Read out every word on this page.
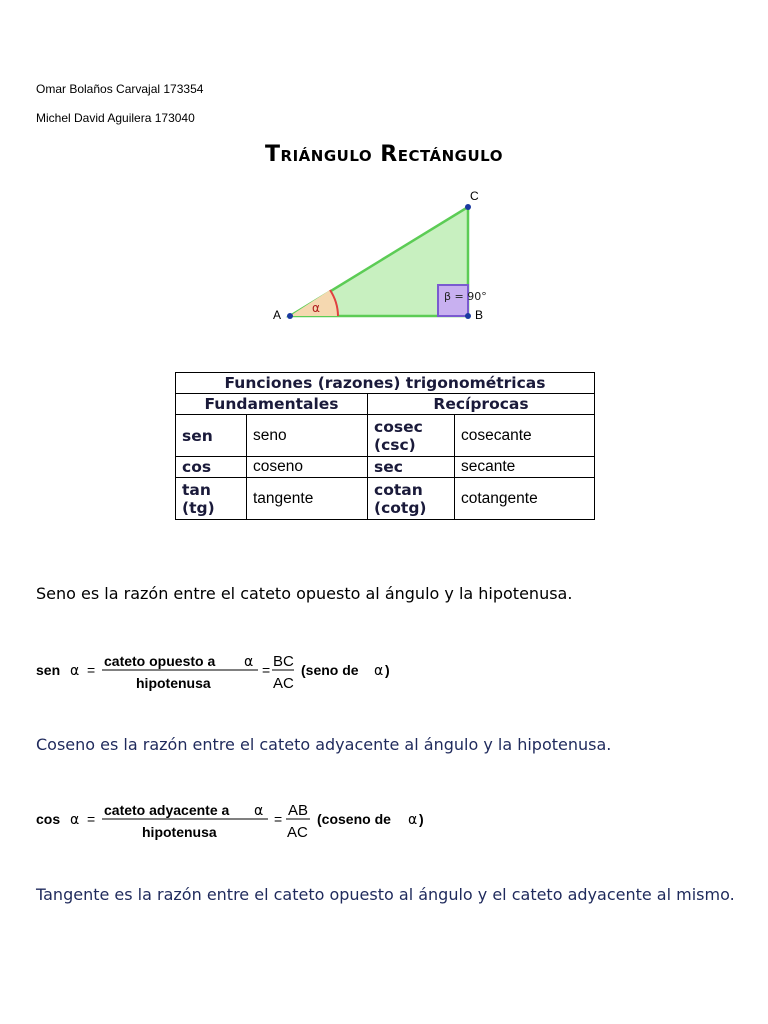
Omar Bolaños Carvajal 173354
Michel David Aguilera 173040
Triángulo Rectángulo
A	B
C
α
β = 90°
Funciones (razones) trigonométricas			
Fundamentales		Recíprocas	
sen	seno	cosec (csc)	cosecante
cos	coseno	sec	secante
tan (tg)	tangente	cotan (cotg)	cotangente
Seno es la razón entre el cateto opuesto al ángulo y la hipotenusa.
sen α =
cateto opuesto a α
hipotenusa
= BC
AC
(seno de α )
Coseno es la razón entre el cateto adyacente al ángulo y la hipotenusa.
cos α =
cateto adyacente a α
hipotenusa
= AB
AC
(coseno de α )
Tangente es la razón entre el cateto opuesto al ángulo y el cateto adyacente al mismo.
